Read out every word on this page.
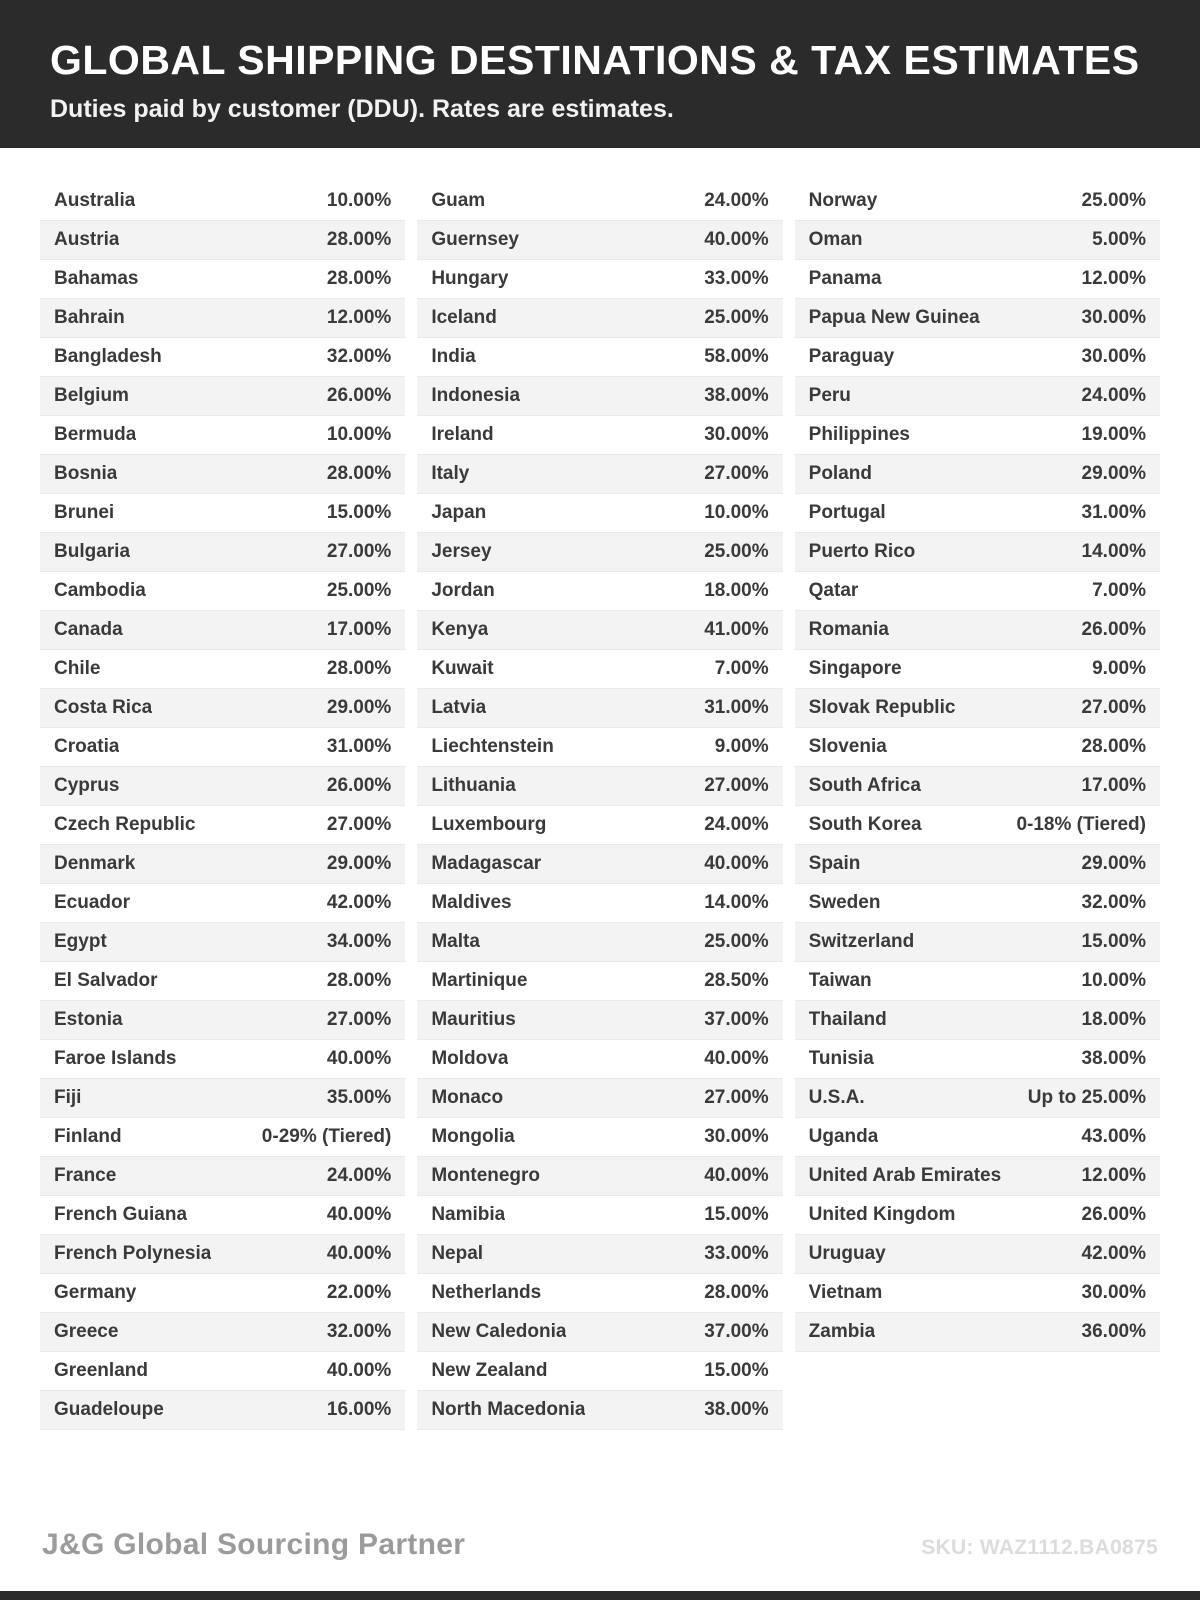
GLOBAL SHIPPING DESTINATIONS & TAX ESTIMATES
Duties paid by customer (DDU). Rates are estimates.
Australia	10.00%
Austria	28.00%
Bahamas	28.00%
Bahrain	12.00%
Bangladesh	32.00%
Belgium	26.00%
Bermuda	10.00%
Bosnia	28.00%
Brunei	15.00%
Bulgaria	27.00%
Cambodia	25.00%
Canada	17.00%
Chile	28.00%
Costa Rica	29.00%
Croatia	31.00%
Cyprus	26.00%
Czech Republic	27.00%
Denmark	29.00%
Ecuador	42.00%
Egypt	34.00%
El Salvador	28.00%
Estonia	27.00%
Faroe Islands	40.00%
Fiji	35.00%
Finland	0-29% (Tiered)
France	24.00%
French Guiana	40.00%
French Polynesia	40.00%
Germany	22.00%
Greece	32.00%
Greenland	40.00%
Guadeloupe	16.00%
Guam	24.00%
Guernsey	40.00%
Hungary	33.00%
Iceland	25.00%
India	58.00%
Indonesia	38.00%
Ireland	30.00%
Italy	27.00%
Japan	10.00%
Jersey	25.00%
Jordan	18.00%
Kenya	41.00%
Kuwait	7.00%
Latvia	31.00%
Liechtenstein	9.00%
Lithuania	27.00%
Luxembourg	24.00%
Madagascar	40.00%
Maldives	14.00%
Malta	25.00%
Martinique	28.50%
Mauritius	37.00%
Moldova	40.00%
Monaco	27.00%
Mongolia	30.00%
Montenegro	40.00%
Namibia	15.00%
Nepal	33.00%
Netherlands	28.00%
New Caledonia	37.00%
New Zealand	15.00%
North Macedonia	38.00%
Norway	25.00%
Oman	5.00%
Panama	12.00%
Papua New Guinea	30.00%
Paraguay	30.00%
Peru	24.00%
Philippines	19.00%
Poland	29.00%
Portugal	31.00%
Puerto Rico	14.00%
Qatar	7.00%
Romania	26.00%
Singapore	9.00%
Slovak Republic	27.00%
Slovenia	28.00%
South Africa	17.00%
South Korea	0-18% (Tiered)
Spain	29.00%
Sweden	32.00%
Switzerland	15.00%
Taiwan	10.00%
Thailand	18.00%
Tunisia	38.00%
U.S.A.	Up to 25.00%
Uganda	43.00%
United Arab Emirates	12.00%
United Kingdom	26.00%
Uruguay	42.00%
Vietnam	30.00%
Zambia	36.00%
J&G Global Sourcing Partner	SKU: WAZ1112.BA0875
